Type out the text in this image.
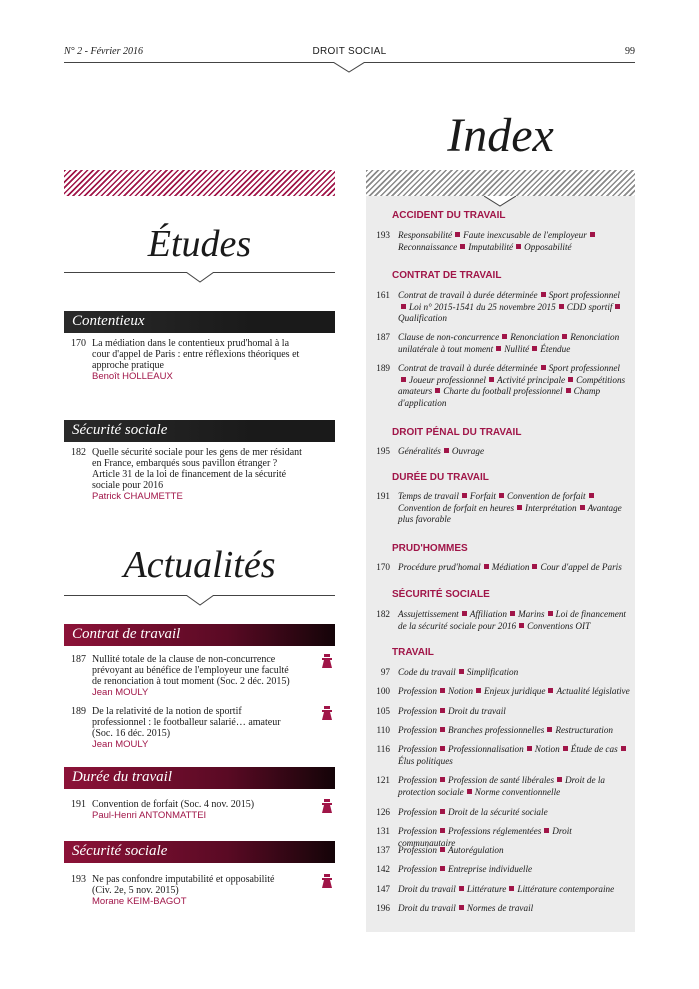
N° 2 - Février 2016	DROIT SOCIAL	99
Index
Études
Contentieux
170 La médiation dans le contentieux prud'homal à la cour d'appel de Paris : entre réflexions théoriques et approche pratique
Benoît HOLLEAUX
Sécurité sociale
182 Quelle sécurité sociale pour les gens de mer résidant en France, embarqués sous pavillon étranger ? Article 31 de la loi de financement de la sécurité sociale pour 2016
Patrick CHAUMETTE
Actualités
Contrat de travail
187 Nullité totale de la clause de non-concurrence prévoyant au bénéfice de l'employeur une faculté de renonciation à tout moment (Soc. 2 déc. 2015)
Jean MOULY
189 De la relativité de la notion de sportif professionnel : le footballeur salarié… amateur (Soc. 16 déc. 2015)
Jean MOULY
Durée du travail
191 Convention de forfait (Soc. 4 nov. 2015)
Paul-Henri ANTONMATTEI
Sécurité sociale
193 Ne pas confondre imputabilité et opposabilité (Civ. 2e, 5 nov. 2015)
Morane KEIM-BAGOT
ACCIDENT DU TRAVAIL
193 Responsabilité Faute inexcusable de l'employeurReconnaissance Imputabilité Opposabilité
CONTRAT DE TRAVAIL
161 Contrat de travail à durée déterminée Sport professionnelLoi n° 2015-1541 du 25 novembre 2015 CDD sportifQualification
187 Clause de non-concurrence Renonciation Renonciation unilatérale à tout moment Nullité Étendue
189 Contrat de travail à durée déterminée Sport professionnelJoueur professionnel Activité principale Compétitions amateurs Charte du football professionnel Champ d'application
DROIT PÉNAL DU TRAVAIL
195 Généralités Ouvrage
DURÉE DU TRAVAIL
191 Temps de travail Forfait Convention de forfaitConvention de forfait en heures Interprétation Avantage plus favorable
PRUD'HOMMES
170 Procédure prud'homal Médiation Cour d'appel de Paris
SÉCURITÉ SOCIALE
182 Assujettissement Affiliation Marins Loi de financement de la sécurité sociale pour 2016 Conventions OIT
TRAVAIL
97 Code du travail Simplification
100 Profession Notion Enjeux juridique Actualité législative
105 Profession Droit du travail
110 Profession Branches professionnelles Restructuration
116 Profession Professionnalisation Notion Étude de casÉlus politiques
121 Profession Profession de santé libérales Droit de la protection sociale Norme conventionnelle
126 Profession Droit de la sécurité sociale
131 Profession Professions réglementées Droit communautaire
137 Profession Autorégulation
142 Profession Entreprise individuelle
147 Droit du travail Littérature Littérature contemporaine
196 Droit du travail Normes de travail
